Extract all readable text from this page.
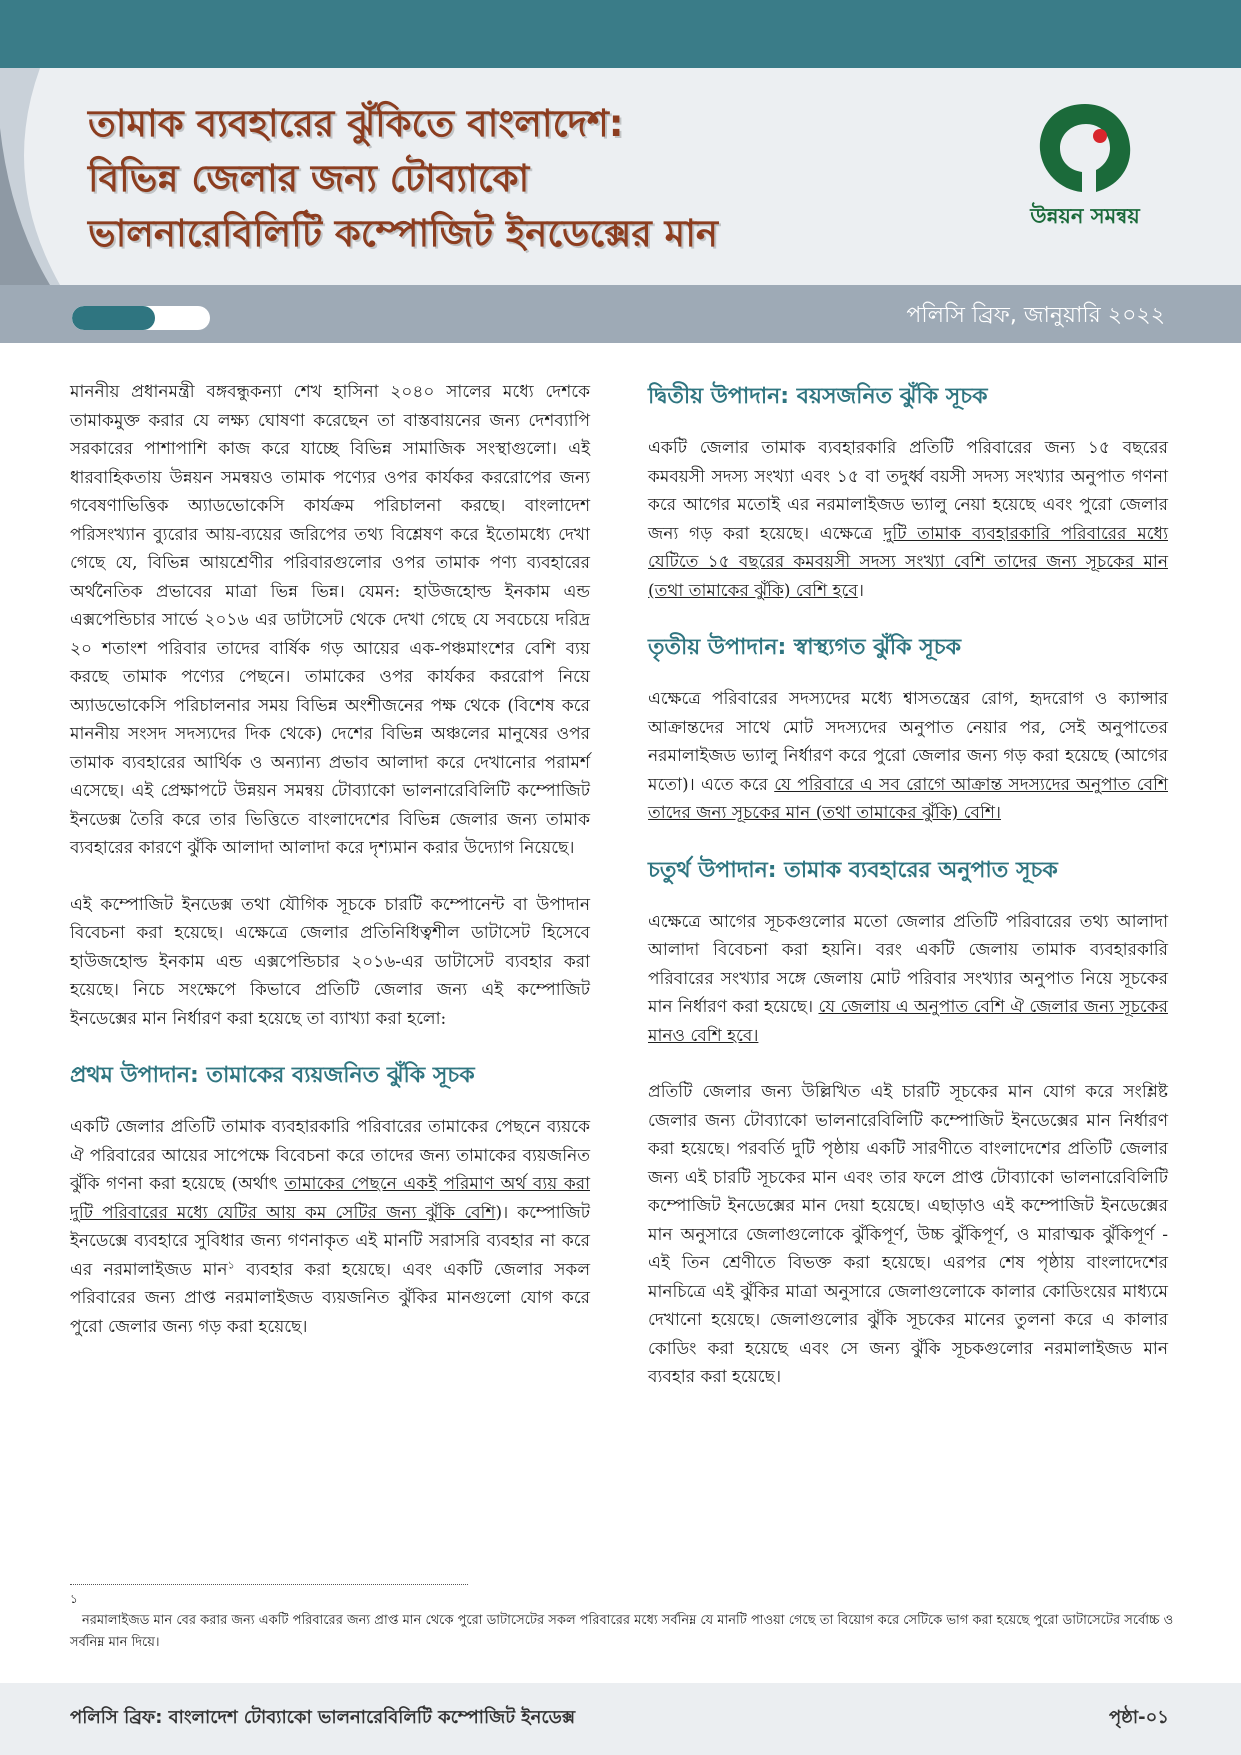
তামাক ব্যবহারের ঝুঁকিতে বাংলাদেশ:
বিভিন্ন জেলার জন্য টোব্যাকো
ভালনারেবিলিটি কম্পোজিট ইনডেক্সের মান	উন্নয়ন সমন্বয়
পলিসি ব্রিফ, জানুয়ারি ২০২২

মাননীয় প্রধানমন্ত্রী বঙ্গবন্ধুকন্যা শেখ হাসিনা ২০৪০ সালের মধ্যে দেশকে তামাকমুক্ত করার যে লক্ষ্য ঘোষণা করেছেন তা বাস্তবায়নের জন্য দেশব্যাপি সরকারের পাশাপাশি কাজ করে যাচ্ছে বিভিন্ন সামাজিক সংস্থাগুলো। এই ধারবাহিকতায় উন্নয়ন সমন্বয়ও তামাক পণ্যের ওপর কার্যকর কররোপের জন্য গবেষণাভিত্তিক অ্যাডভোকেসি কার্যক্রম পরিচালনা করছে। বাংলাদেশ পরিসংখ্যান ব্যুরোর আয়-ব্যয়ের জরিপের তথ্য বিশ্লেষণ করে ইতোমধ্যে দেখা গেছে যে, বিভিন্ন আয়শ্রেণীর পরিবারগুলোর ওপর তামাক পণ্য ব্যবহারের অর্থনৈতিক প্রভাবের মাত্রা ভিন্ন ভিন্ন। যেমন: হাউজহোল্ড ইনকাম এন্ড এক্সপেন্ডিচার সার্ভে ২০১৬ এর ডাটাসেট থেকে দেখা গেছে যে সবচেয়ে দরিদ্র ২০ শতাংশ পরিবার তাদের বার্ষিক গড় আয়ের এক-পঞ্চমাংশের বেশি ব্যয় করছে তামাক পণ্যের পেছনে। তামাকের ওপর কার্যকর কররোপ নিয়ে অ্যাডভোকেসি পরিচালনার সময় বিভিন্ন অংশীজনের পক্ষ থেকে (বিশেষ করে মাননীয় সংসদ সদস্যদের দিক থেকে) দেশের বিভিন্ন অঞ্চলের মানুষের ওপর তামাক ব্যবহারের আর্থিক ও অন্যান্য প্রভাব আলাদা করে দেখানোর পরামর্শ এসেছে। এই প্রেক্ষাপটে উন্নয়ন সমন্বয় টোব্যাকো ভালনারেবিলিটি কম্পোজিট ইনডেক্স তৈরি করে তার ভিত্তিতে বাংলাদেশের বিভিন্ন জেলার জন্য তামাক ব্যবহারের কারণে ঝুঁকি আলাদা আলাদা করে দৃশ্যমান করার উদ্যোগ নিয়েছে।

এই কম্পোজিট ইনডেক্স তথা যৌগিক সূচকে চারটি কম্পোনেন্ট বা উপাদান বিবেচনা করা হয়েছে। এক্ষেত্রে জেলার প্রতিনিধিত্বশীল ডাটাসেট হিসেবে হাউজহোল্ড ইনকাম এন্ড এক্সপেন্ডিচার ২০১৬-এর ডাটাসেট ব্যবহার করা হয়েছে। নিচে সংক্ষেপে কিভাবে প্রতিটি জেলার জন্য এই কম্পোজিট ইনডেক্সের মান নির্ধারণ করা হয়েছে তা ব্যাখ্যা করা হলো:

প্রথম উপাদান: তামাকের ব্যয়জনিত ঝুঁকি সূচক

একটি জেলার প্রতিটি তামাক ব্যবহারকারি পরিবারের তামাকের পেছনে ব্যয়কে ঐ পরিবারের আয়ের সাপেক্ষে বিবেচনা করে তাদের জন্য তামাকের ব্যয়জনিত ঝুঁকি গণনা করা হয়েছে (অর্থাৎ তামাকের পেছনে একই পরিমাণ অর্থ ব্যয় করা দুটি পরিবারের মধ্যে যেটির আয় কম সেটির জন্য ঝুঁকি বেশি)। কম্পোজিট ইনডেক্সে ব্যবহারে সুবিধার জন্য গণনাকৃত এই মানটি সরাসরি ব্যবহার না করে এর নরমালাইজড মান$^১$ ব্যবহার করা হয়েছে। এবং একটি জেলার সকল পরিবারের জন্য প্রাপ্ত নরমালাইজড ব্যয়জনিত ঝুঁকির মানগুলো যোগ করে পুরো জেলার জন্য গড় করা হয়েছে।

দ্বিতীয় উপাদান: বয়সজনিত ঝুঁকি সূচক

একটি জেলার তামাক ব্যবহারকারি প্রতিটি পরিবারের জন্য ১৫ বছরের কমবয়সী সদস্য সংখ্যা এবং ১৫ বা তদুর্ধ্ব বয়সী সদস্য সংখ্যার অনুপাত গণনা করে আগের মতোই এর নরমালাইজড ভ্যালু নেয়া হয়েছে এবং পুরো জেলার জন্য গড় করা হয়েছে। এক্ষেত্রে দুটি তামাক ব্যবহারকারি পরিবারের মধ্যে যেটিতে ১৫ বছরের কমবয়সী সদস্য সংখ্যা বেশি তাদের জন্য সূচকের মান (তথা তামাকের ঝুঁকি) বেশি হবে।

তৃতীয় উপাদান: স্বাস্থ্যগত ঝুঁকি সূচক

এক্ষেত্রে পরিবারের সদস্যদের মধ্যে শ্বাসতন্ত্রের রোগ, হৃদরোগ ও ক্যান্সার আক্রান্তদের সাথে মোট সদস্যদের অনুপাত নেয়ার পর, সেই অনুপাতের নরমালাইজড ভ্যালু নির্ধারণ করে পুরো জেলার জন্য গড় করা হয়েছে (আগের মতো)। এতে করে যে পরিবারে এ সব রোগে আক্রান্ত সদস্যদের অনুপাত বেশি তাদের জন্য সূচকের মান (তথা তামাকের ঝুঁকি) বেশি।

চতুর্থ উপাদান: তামাক ব্যবহারের অনুপাত সূচক

এক্ষেত্রে আগের সূচকগুলোর মতো জেলার প্রতিটি পরিবারের তথ্য আলাদা আলাদা বিবেচনা করা হয়নি। বরং একটি জেলায় তামাক ব্যবহারকারি পরিবারের সংখ্যার সঙ্গে জেলায় মোট পরিবার সংখ্যার অনুপাত নিয়ে সূচকের মান নির্ধারণ করা হয়েছে। যে জেলায় এ অনুপাত বেশি ঐ জেলার জন্য সূচকের মানও বেশি হবে।

প্রতিটি জেলার জন্য উল্লিখিত এই চারটি সূচকের মান যোগ করে সংশ্লিষ্ট জেলার জন্য টোব্যাকো ভালনারেবিলিটি কম্পোজিট ইনডেক্সের মান নির্ধারণ করা হয়েছে। পরবর্তি দুটি পৃষ্ঠায় একটি সারণীতে বাংলাদেশের প্রতিটি জেলার জন্য এই চারটি সূচকের মান এবং তার ফলে প্রাপ্ত টোব্যাকো ভালনারেবিলিটি কম্পোজিট ইনডেক্সের মান দেয়া হয়েছে। এছাড়াও এই কম্পোজিট ইনডেক্সের মান অনুসারে জেলাগুলোকে ঝুঁকিপূর্ণ, উচ্চ ঝুঁকিপূর্ণ, ও মারাত্মক ঝুঁকিপূর্ণ - এই তিন শ্রেণীতে বিভক্ত করা হয়েছে। এরপর শেষ পৃষ্ঠায় বাংলাদেশের মানচিত্রে এই ঝুঁকির মাত্রা অনুসারে জেলাগুলোকে কালার কোডিংয়ের মাধ্যমে দেখানো হয়েছে। জেলাগুলোর ঝুঁকি সূচকের মানের তুলনা করে এ কালার কোডিং করা হয়েছে এবং সে জন্য ঝুঁকি সূচকগুলোর নরমালাইজড মান ব্যবহার করা হয়েছে।

১

নরমালাইজড মান বের করার জন্য একটি পরিবারের জন্য প্রাপ্ত মান থেকে পুরো ডাটাসেটের সকল পরিবারের মধ্যে সর্বনিম্ন যে মানটি পাওয়া গেছে তা বিয়োগ করে সেটিকে ভাগ করা হয়েছে পুরো ডাটাসেটের সর্বোচ্চ ও সর্বনিম্ন মান দিয়ে।

পলিসি ব্রিফ: বাংলাদেশ টোব্যাকো ভালনারেবিলিটি কম্পোজিট ইনডেক্স	পৃষ্ঠা-০১
